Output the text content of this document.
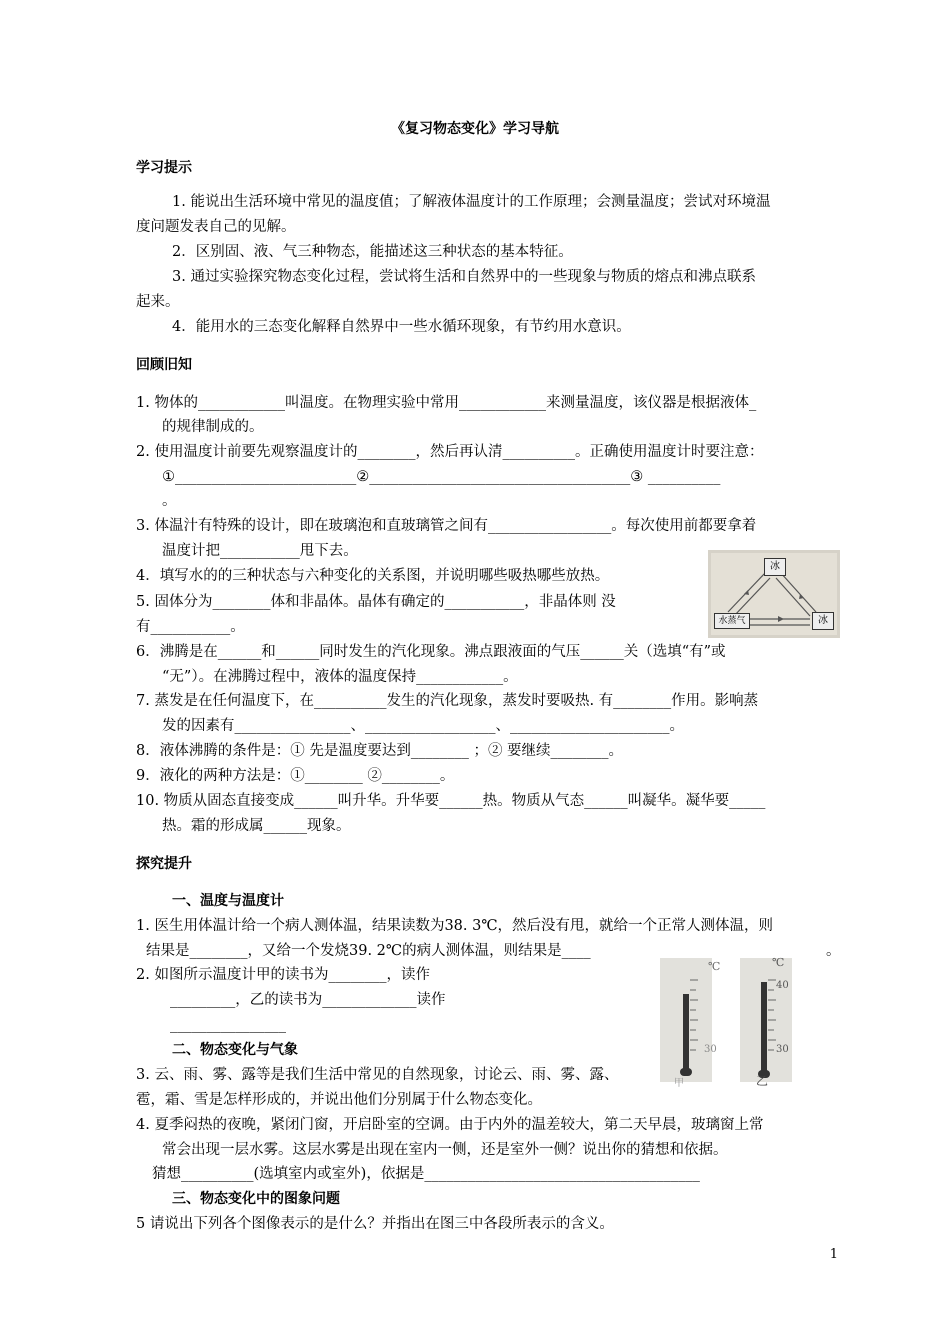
《复习物态变化》学习导航
学习提示
1. 能说出生活环境中常见的温度值；了解液体温度计的工作原理；会测量温度；尝试对环境温
度问题发表自己的见解。
2．区别固、液、气三种物态，能描述这三种状态的基本特征。
3. 通过实验探究物态变化过程，尝试将生活和自然界中的一些现象与物质的熔点和沸点联系
起来。
4．能用水的三态变化解释自然界中一些水循环现象，有节约用水意识。
回顾旧知
1. 物体的____________叫温度。在物理实验中常用____________来测量温度，该仪器是根据液体_
的规律制成的。
2. 使用温度计前要先观察温度计的________，然后再认清__________。正确使用温度计时要注意：
①_________________________②____________________________________③ __________
。
3. 体温汁有特殊的设计，即在玻璃泡和直玻璃管之间有_________________。每次使用前都要拿着
温度计把___________甩下去。
4．填写水的的三种状态与六种变化的关系图，并说明哪些吸热哪些放热。
5. 固体分为________体和非晶体。晶体有确定的___________，非晶体则 没
有___________。
6．沸腾是在______和______同时发生的汽化现象。沸点跟液面的气压______关（选填“有”或
“无”）。在沸腾过程中，液体的温度保持____________。
7. 蒸发是在任何温度下，在__________发生的汽化现象，蒸发时要吸热. 有________作用。影响蒸
发的因素有________________、__________________、______________________。
8．液体沸腾的条件是：① 先是温度要达到________ ；② 要继续________。
9．液化的两种方法是：①________ ②________。
10. 物质从固态直接变成______叫升华。升华要______热。物质从气态______叫凝华。凝华要_____
热。霜的形成属______现象。
探究提升
一、温度与温度计
1. 医生用体温计给一个病人测体温，结果读数为38. 3℃，然后没有甩，就给一个正常人测体温，则
结果是________，又给一个发烧39. 2℃的病人测体温，则结果是____	。
2. 如图所示温度计甲的读书为________，读作
_________，乙的读书为_____________读作
________________
二、物态变化与气象
3. 云、雨、雾、露等是我们生活中常见的自然现象，讨论云、雨、雾、露、
雹，霜、雪是怎样形成的，并说出他们分别属于什么物态变化。
4. 夏季闷热的夜晚，紧闭门窗，开启卧室的空调。由于内外的温差较大，第二天早晨，玻璃窗上常
常会出现一层水雾。这层水雾是出现在室内一侧，还是室外一侧？说出你的猜想和依据。
猜想__________(选填室内或室外)，依据是______________________________________
三、物态变化中的图象问题
5 请说出下列各个图像表示的是什么？并指出在图三中各段所表示的含义。
1
冰
水蒸气	冰
℃	℃
40
30	30
甲	乙
